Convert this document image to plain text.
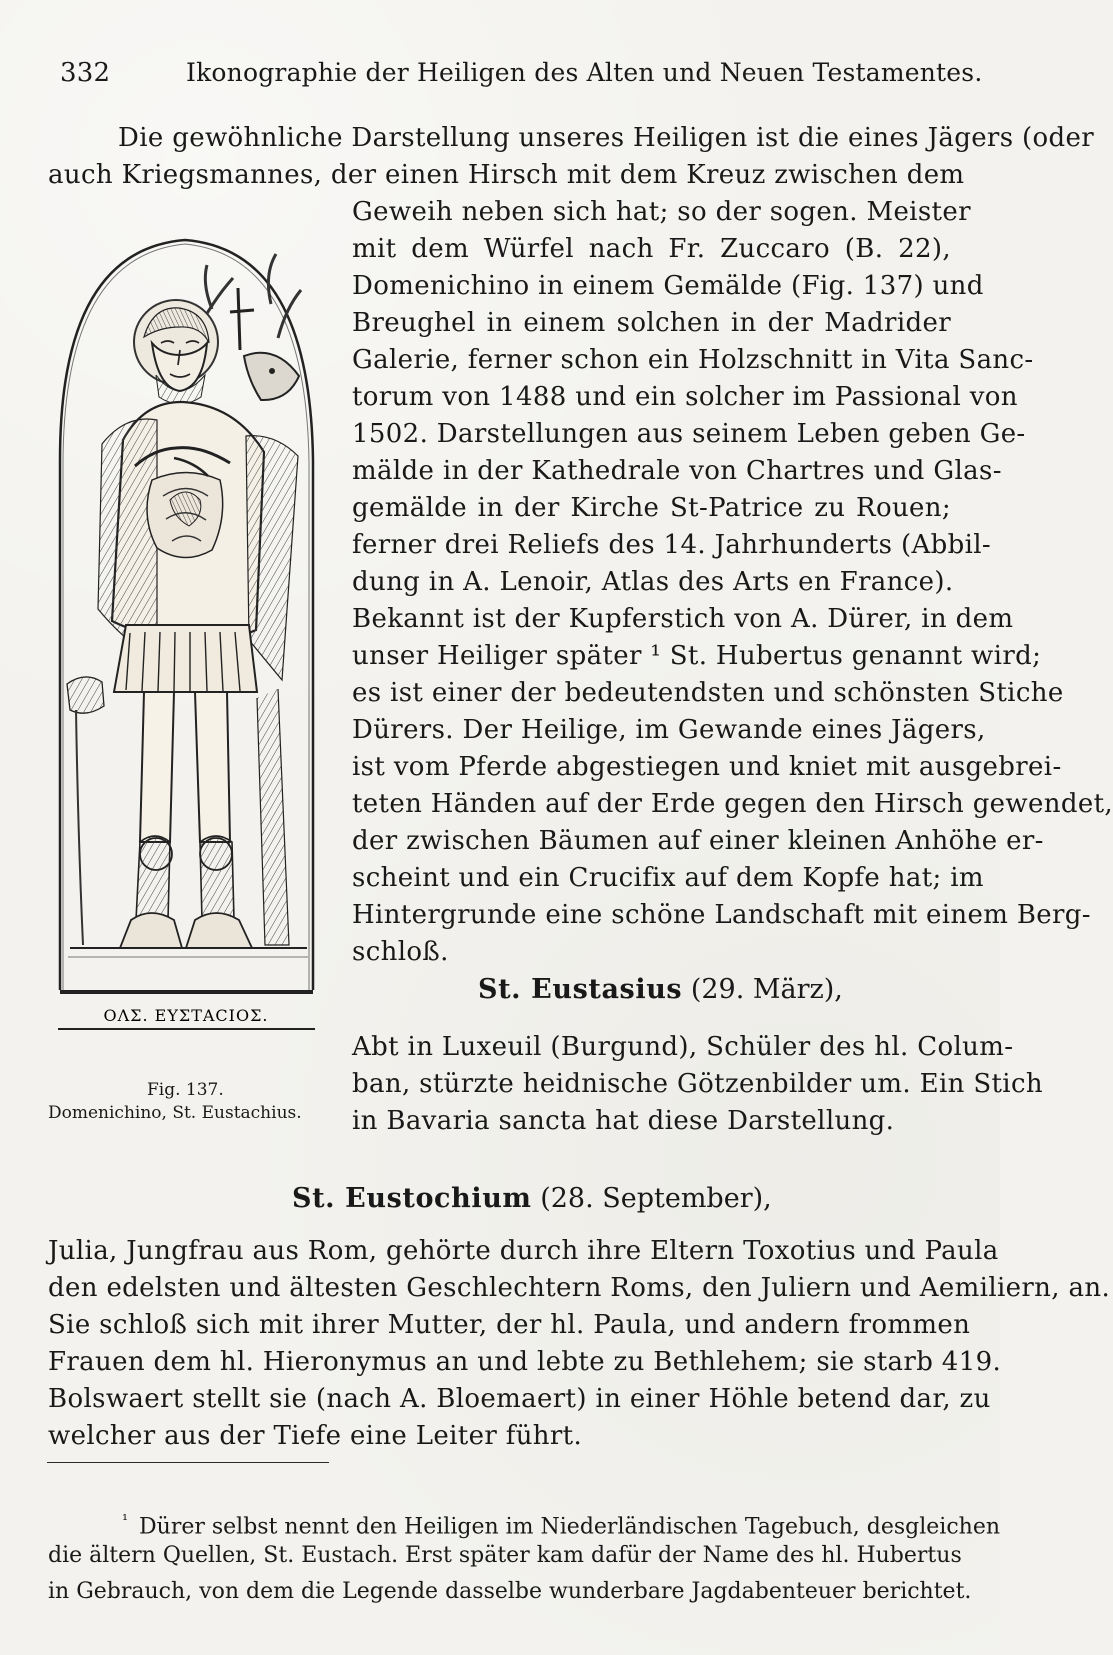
332	Ikonographie der Heiligen des Alten und Neuen Testamentes.
Die gewöhnliche Darstellung unseres Heiligen ist die eines Jägers (oder
auch Kriegsmannes, der einen Hirsch mit dem Kreuz zwischen dem
ΟΛΣ. ΕΥΣΤΑCΙΟΣ.
Fig. 137.
Domenichino, St. Eustachius.
Geweih neben sich hat; so der sogen. Meister
mit dem Würfel nach Fr. Zuccaro (B. 22),
Domenichino in einem Gemälde (Fig. 137) und
Breughel in einem solchen in der Madrider
Galerie, ferner schon ein Holzschnitt in Vita Sanc-
torum von 1488 und ein solcher im Passional von
1502. Darstellungen aus seinem Leben geben Ge-
mälde in der Kathedrale von Chartres und Glas-
gemälde in der Kirche St-Patrice zu Rouen;
ferner drei Reliefs des 14. Jahrhunderts (Abbil-
dung in A. Lenoir, Atlas des Arts en France).
Bekannt ist der Kupferstich von A. Dürer, in dem
unser Heiliger später ¹ St. Hubertus genannt wird;
es ist einer der bedeutendsten und schönsten Stiche
Dürers. Der Heilige, im Gewande eines Jägers,
ist vom Pferde abgestiegen und kniet mit ausgebrei-
teten Händen auf der Erde gegen den Hirsch gewendet,
der zwischen Bäumen auf einer kleinen Anhöhe er-
scheint und ein Crucifix auf dem Kopfe hat; im
Hintergrunde eine schöne Landschaft mit einem Berg-
schloß.
St. Eustasius (29. März),
Abt in Luxeuil (Burgund), Schüler des hl. Colum-
ban, stürzte heidnische Götzenbilder um. Ein Stich
in Bavaria sancta hat diese Darstellung.
St. Eustochium (28. September),
Julia, Jungfrau aus Rom, gehörte durch ihre Eltern Toxotius und Paula
den edelsten und ältesten Geschlechtern Roms, den Juliern und Aemiliern, an.
Sie schloß sich mit ihrer Mutter, der hl. Paula, und andern frommen
Frauen dem hl. Hieronymus an und lebte zu Bethlehem; sie starb 419.
Bolswaert stellt sie (nach A. Bloemaert) in einer Höhle betend dar, zu
welcher aus der Tiefe eine Leiter führt.
$^{^1}$ Dürer selbst nennt den Heiligen im Niederländischen Tagebuch, desgleichen
die ältern Quellen, St. Eustach. Erst später kam dafür der Name des hl. Hubertus
in Gebrauch, von dem die Legende dasselbe wunderbare Jagdabenteuer berichtet.
